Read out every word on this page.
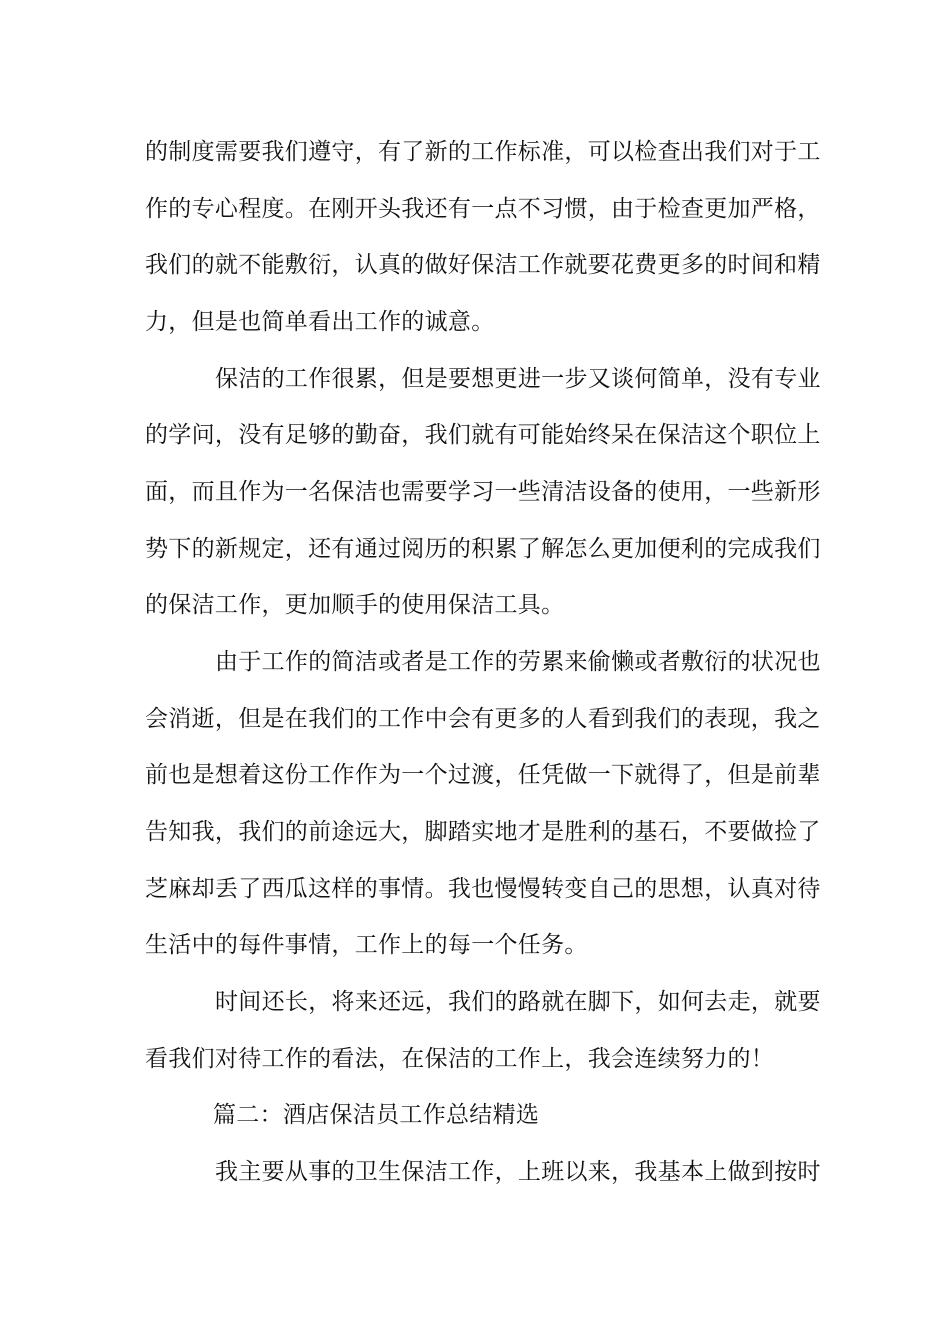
的制度需要我们遵守，有了新的工作标准，可以检查出我们对于工

作的专心程度。在刚开头我还有一点不习惯，由于检查更加严格，

我们的就不能敷衍，认真的做好保洁工作就要花费更多的时间和精

力，但是也简单看出工作的诚意。

保洁的工作很累，但是要想更进一步又谈何简单，没有专业

的学问，没有足够的勤奋，我们就有可能始终呆在保洁这个职位上

面，而且作为一名保洁也需要学习一些清洁设备的使用，一些新形

势下的新规定，还有通过阅历的积累了解怎么更加便利的完成我们

的保洁工作，更加顺手的使用保洁工具。

由于工作的简洁或者是工作的劳累来偷懒或者敷衍的状况也

会消逝，但是在我们的工作中会有更多的人看到我们的表现，我之

前也是想着这份工作作为一个过渡，任凭做一下就得了，但是前辈

告知我，我们的前途远大，脚踏实地才是胜利的基石，不要做捡了

芝麻却丢了西瓜这样的事情。我也慢慢转变自己的思想，认真对待

生活中的每件事情，工作上的每一个任务。

时间还长，将来还远，我们的路就在脚下，如何去走，就要

看我们对待工作的看法，在保洁的工作上，我会连续努力的！

篇二：酒店保洁员工作总结精选

我主要从事的卫生保洁工作，上班以来，我基本上做到按时
